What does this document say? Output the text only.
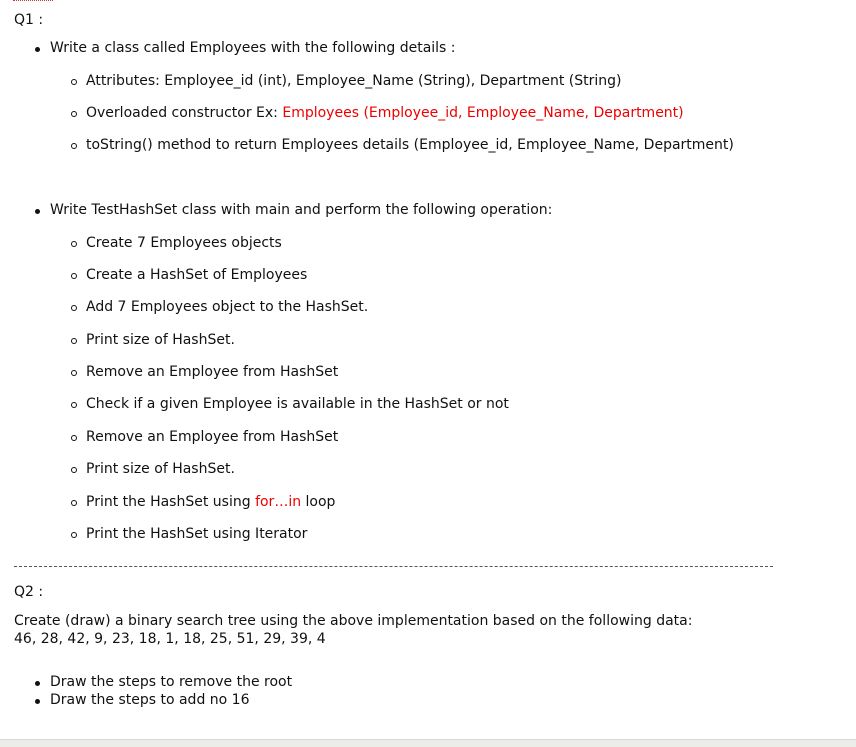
Q1 :
Write a class called Employees with the following details :
Attributes: Employee_id (int), Employee_Name (String), Department (String)
Overloaded constructor Ex: Employees (Employee_id, Employee_Name, Department)
toString() method to return Employees details (Employee_id, Employee_Name, Department)
Write TestHashSet class with main and perform the following operation:
Create 7 Employees objects
Create a HashSet of Employees
Add 7 Employees object to the HashSet.
Print size of HashSet.
Remove an Employee from HashSet
Check if a given Employee is available in the HashSet or not
Remove an Employee from HashSet
Print size of HashSet.
Print the HashSet using for…in loop
Print the HashSet using Iterator
Q2 :
Create (draw) a binary search tree using the above implementation based on the following data:
46, 28, 42, 9, 23, 18, 1, 18, 25, 51, 29, 39, 4
Draw the steps to remove the root
Draw the steps to add no 16
